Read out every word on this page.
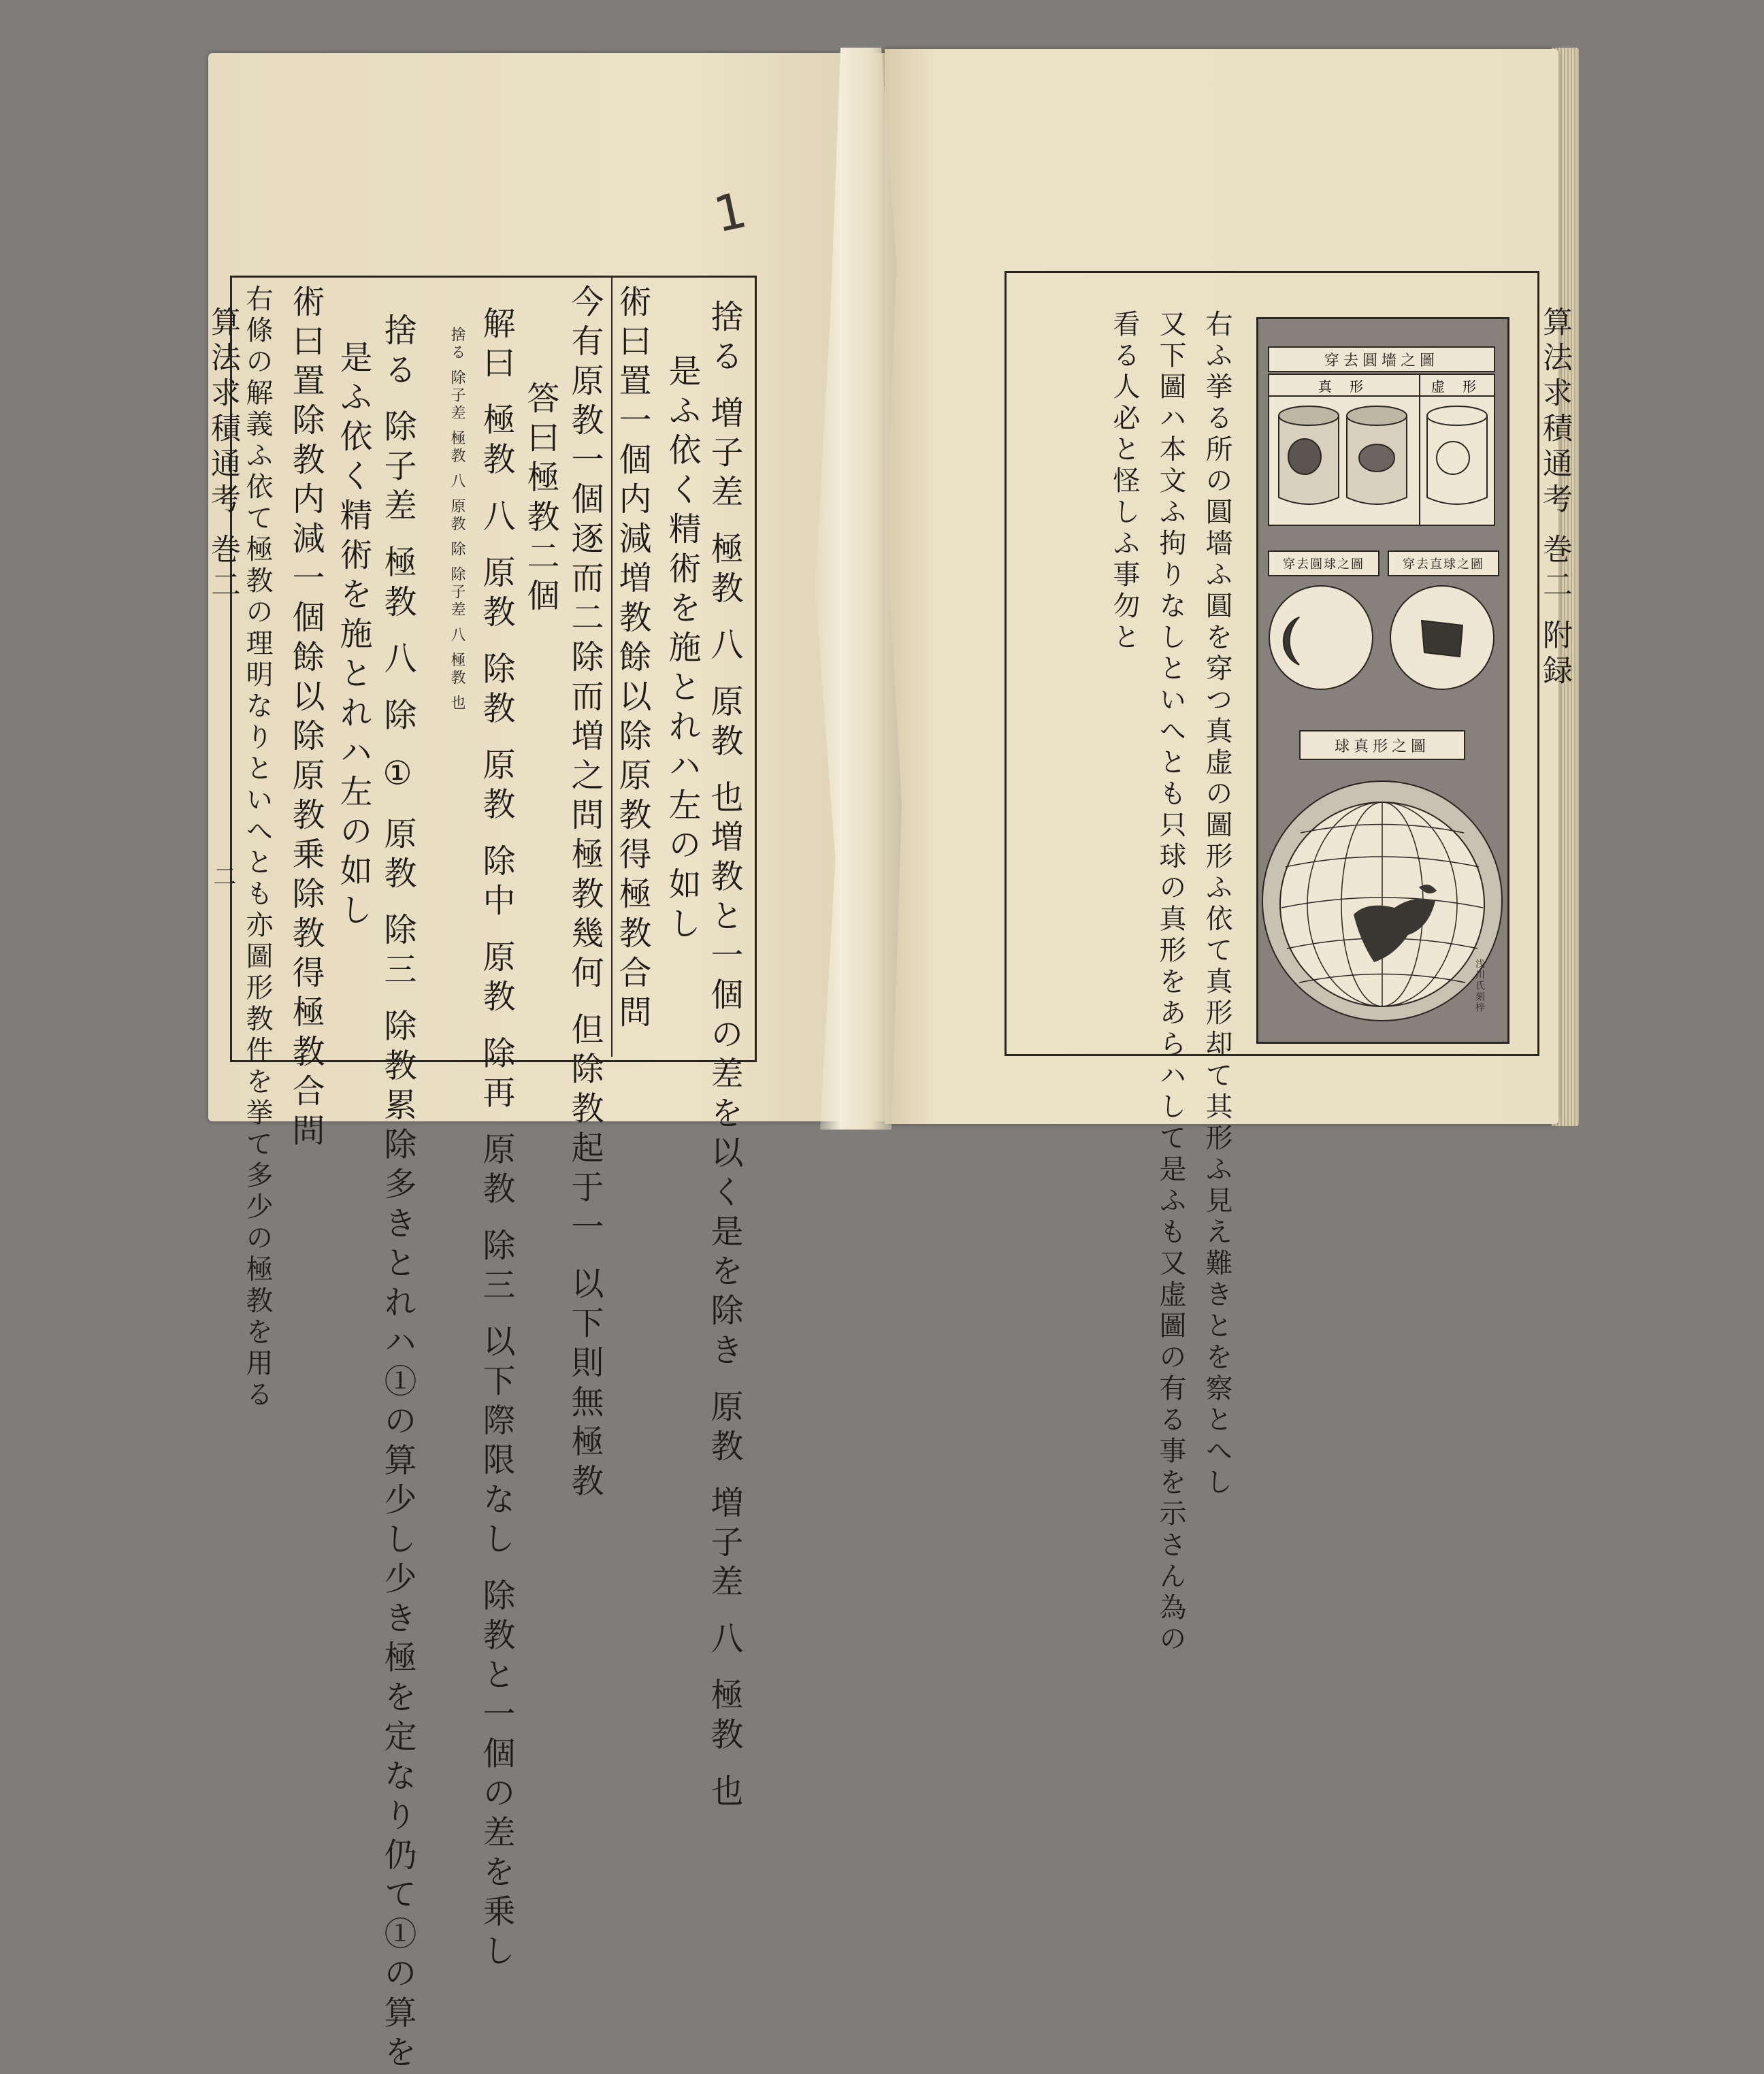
算法求積通考 巻二
二
1
捨る 増子差 極教 八 原教 也増教と一個の差を以く是を除き 原教 増子差 八 極教 也
是ふ依く精術を施とれハ左の如し
術曰置一個内減増教餘以除原教得極教合問
今有原教一個逐而二除而増之問極教幾何 但除教起于一 以下則無極教
答曰極教二個
解曰 極教 八 原教 除教 原教 除中 原教 除再 原教 除三 以下際限なし 除教と一個の差を乗し
捨る 除子差 極教 八 原教 除 除子差 八 極教 也
捨る 除子差 極教 八 除 ① 原教 除三 除教累除多きとれハ①の算少し少き極を定なり仍て①の算を
是ふ依く精術を施とれハ左の如し
術曰置除教内減一個餘以除原教乗除教得極教合問
右條の解義ふ依て極教の理明なりといへとも亦圖形教件を挙て多少の極教を用る	算法求積通考 巻二 附録
右ふ挙る所の圓墻ふ圓を穿つ真虚の圖形ふ依て真形却て其形ふ見え難きとを察とへし
又下圖ハ本文ふ拘りなしといへとも只球の真形をあらハして是ふも又虚圖の有る事を示さん為の
看る人必と怪しふ事勿と	穿去圓墻之圖
真 形	虚 形
穿去圓球之圖	穿去直球之圖
球真形之圖
浅川氏刻梓
